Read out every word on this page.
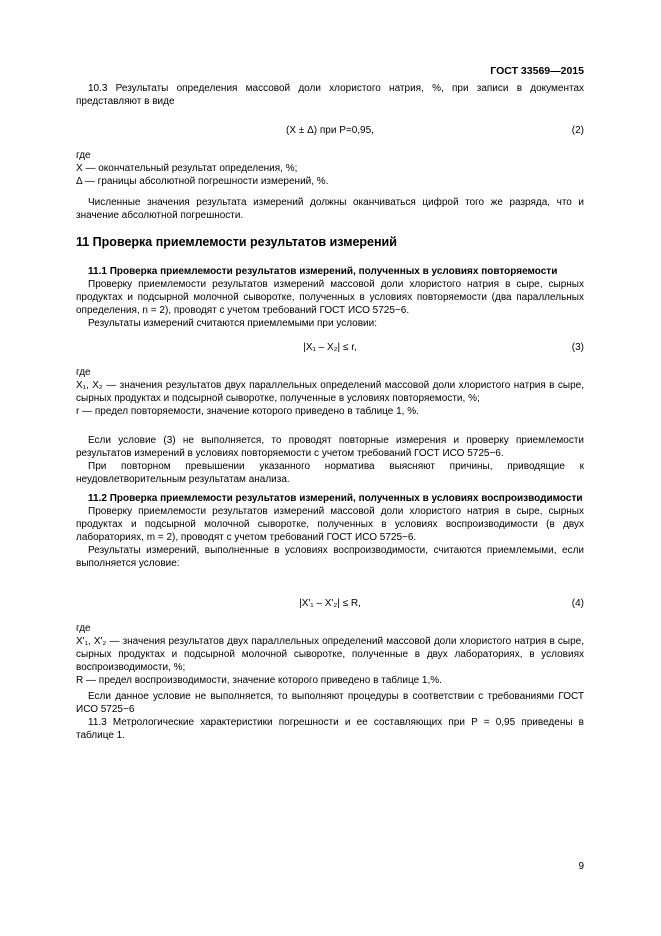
ГОСТ 33569—2015

10.3 Результаты определения массовой доли хлористого натрия, %, при записи в документах представляют в виде

(X ± Δ) при P=0,95,	(2)

где

X — окончательный результат определения, %;

Δ — границы абсолютной погрешности измерений, %.

Численные значения результата измерений должны оканчиваться цифрой того же разряда, что и значение абсолютной погрешности.

11 Проверка приемлемости результатов измерений

11.1 Проверка приемлемости результатов измерений, полученных в условиях повторяемости

Проверку приемлемости результатов измерений массовой доли хлористого натрия в сыре, сырных продуктах и подсырной молочной сыворотке, полученных в условиях повторяемости (два параллельных определения, n = 2), проводят с учетом требований ГОСТ ИСО 5725−6.

Результаты измерений считаются приемлемыми при условии:

|X₁ – X₂| ≤ r,	(3)

где

X₁, X₂ — значения результатов двух параллельных определений массовой доли хлористого натрия в сыре, сырных продуктах и подсырной сыворотке, полученные в условиях повторяемости, %;

r — предел повторяемости, значение которого приведено в таблице 1, %.

Если условие (3) не выполняется, то проводят повторные измерения и проверку приемлемости результатов измерений в условиях повторяемости с учетом требований ГОСТ ИСО 5725−6.

При повторном превышении указанного норматива выясняют причины, приводящие к неудовлетворительным результатам анализа.

11.2 Проверка приемлемости результатов измерений, полученных в условиях воспроизводимости

Проверку приемлемости результатов измерений массовой доли хлористого натрия в сыре, сырных продуктах и подсырной молочной сыворотке, полученных в условиях воспроизводимости (в двух лабораториях, m = 2), проводят с учетом требований ГОСТ ИСО 5725−6.

Результаты измерений, выполненные в условиях воспроизводимости, считаются приемлемыми, если выполняется условие:

|X'₁ – X'₂| ≤ R,	(4)

где

X'₁, X'₂ — значения результатов двух параллельных определений массовой доли хлористого натрия в сыре, сырных продуктах и подсырной молочной сыворотке, полученные в двух лабораториях, в условиях воспроизводимости, %;

R — предел воспроизводимости, значение которого приведено в таблице 1,%.

Если данное условие не выполняется, то выполняют процедуры в соответствии с требованиями ГОСТ ИСО 5725−6

11.3 Метрологические характеристики погрешности и ее составляющих при P = 0,95 приведены в таблице 1.

9
